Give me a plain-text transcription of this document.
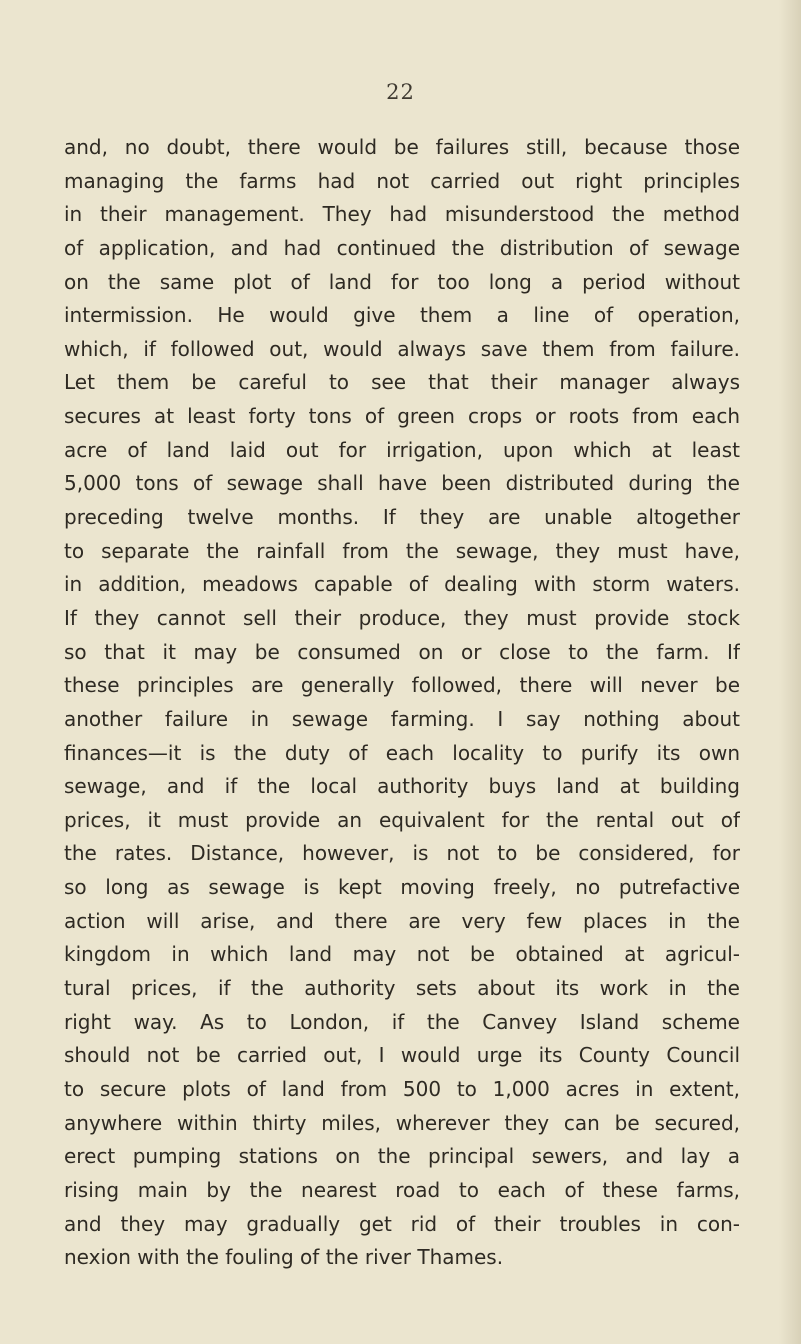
22
and, no doubt, there would be failures still, because those
managing the farms had not carried out right principles
in their management. They had misunderstood the method
of application, and had continued the distribution of sewage
on the same plot of land for too long a period without
intermission. He would give them a line of operation,
which, if followed out, would always save them from failure.
Let them be careful to see that their manager always
secures at least forty tons of green crops or roots from each
acre of land laid out for irrigation, upon which at least
5,000 tons of sewage shall have been distributed during the
preceding twelve months. If they are unable altogether
to separate the rainfall from the sewage, they must have,
in addition, meadows capable of dealing with storm waters.
If they cannot sell their produce, they must provide stock
so that it may be consumed on or close to the farm. If
these principles are generally followed, there will never be
another failure in sewage farming. I say nothing about
finances—it is the duty of each locality to purify its own
sewage, and if the local authority buys land at building
prices, it must provide an equivalent for the rental out of
the rates. Distance, however, is not to be considered, for
so long as sewage is kept moving freely, no putrefactive
action will arise, and there are very few places in the
kingdom in which land may not be obtained at agricul-
tural prices, if the authority sets about its work in the
right way. As to London, if the Canvey Island scheme
should not be carried out, I would urge its County Council
to secure plots of land from 500 to 1,000 acres in extent,
anywhere within thirty miles, wherever they can be secured,
erect pumping stations on the principal sewers, and lay a
rising main by the nearest road to each of these farms,
and they may gradually get rid of their troubles in con-
nexion with the fouling of the river Thames.
